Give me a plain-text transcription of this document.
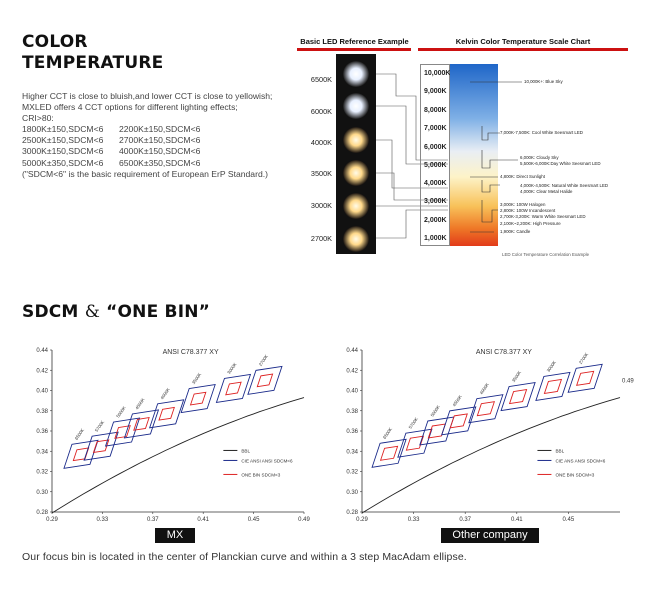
COLOR
TEMPERATURE
Higher CCT is close to bluish,and lower CCT is close to yellowish;
MXLED offers 4 CCT options for different lighting effects;
CRI>80:
1800K±150,SDCM<6 2200K±150,SDCM<6
2500K±150,SDCM<6 2700K±150,SDCM<6
3000K±150,SDCM<6 4000K±150,SDCM<6
5000K±350,SDCM<6 6500K±350,SDCM<6
("SDCM<6" is the basic requirement of European ErP Standard.)
Basic LED Reference Example	Kelvin Color Temperature Scale Chart
6500K
6000K
4000K
3500K
3000K
2700K
10,000K
9,000K
8,000K
7,000K
6,000K
5,000K
4,000K
3,000K
2,000K
1,000K
10,000K+: Blue Sky
7,000K-7,500K: Cool White Seesmart LED
6,000K: Cloudy Sky
5,500K-6,000K:Day White Seesmart LED
4,800K: Direct Sunlight
4,000K-4,500K: Natural White Seesmart LED
4,000K: Clear Metal Halide
3,000K: 100W Halogen
2,800K: 100W Incandescent
2,700K-3,200K: Warm White Seesmart LED
2,100K~2,200K: High Pressure
1,900K: Candle
LED Color Temperature Correlation Example
SDCM & “ONE BIN”
0.28
0.30
0.32
0.34
0.36
0.38
0.40
0.42
0.44
0.29	0.33	0.37	0.41	0.45	0.49
ANSI C78.377 XY
6500K
5700K
5000K
4500K
4000K
3500K
3000K
2700K
BBL
CIE ANSI ANSI SDCM<6
ONE BIN SDCM<3
0.28
0.30
0.32
0.34
0.36
0.38
0.40
0.42
0.44
0.29	0.33	0.37	0.41	0.45
0.49
ANSI C78.377 XY
6500K
5700K
5000K
4500K
4000K
3500K
3000K
2700K
BBL
CIE ANS ANSI SDCM<6
ONE BIN SDCM<3
MX	Other company
Our focus bin is located in the center of Planckian curve and within a 3 step MacAdam ellipse.
